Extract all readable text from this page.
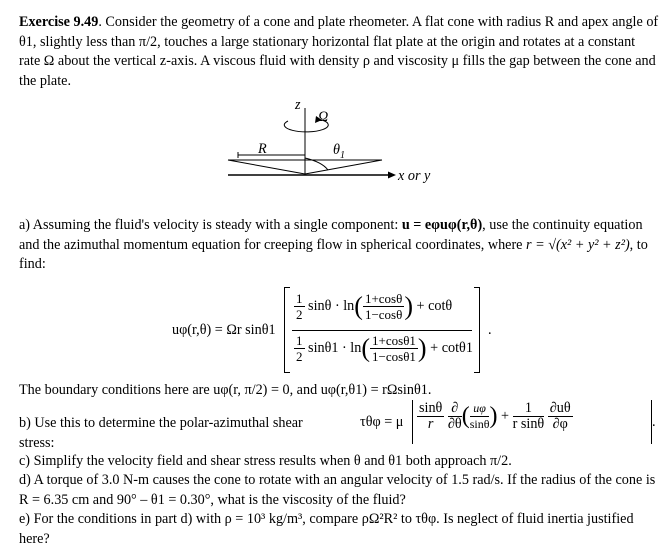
Exercise 9.49. Consider the geometry of a cone and plate rheometer. A flat cone with radius R and apex angle of θ1, slightly less than π/2, touches a large stationary horizontal flat plate at the origin and rotates at a constant rate Ω about the vertical z-axis. A viscous fluid with density ρ and viscosity μ fills the gap between the cone and the plate.
z
Ω
R	$\theta_1$
x or y
a) Assuming the fluid's velocity is steady with a single component: u = eφuφ(r,θ), use the continuity equation and the azimuthal momentum equation for creeping flow in spherical coordinates, where r = √(x² + y² + z²), to find:
uφ(r,θ) = Ωr sinθ1
$\frac{1}{2}$ $\sin\theta \cdot \ln( \frac{1+\cos\theta}{1-\cos\theta}$ ) + cotθ
$\frac{1}{2} \sin\theta 1 \cdot \ln( \frac{1+\cos\theta 1}{1-\cos\theta 1}$ ) + cotθ1
.
The boundary conditions here are uφ(r, π/2) = 0, and uφ(r,θ1) = rΩsinθ1.
b) Use this to determine the polar-azimuthal shear stress:
τθφ = μ $\frac{\sin\theta}{r}$
$\frac{\partial}{\partial\theta}$ ( $\frac{u\varphi}{\sin\theta}$ ) + $\frac{1}{\text{r sinθ}}$
$\frac{\partial u\theta}{\partial\varphi}$	.
c) Simplify the velocity field and shear stress results when θ and θ1 both approach π/2.
d) A torque of 3.0 N-m causes the cone to rotate with an angular velocity of 1.5 rad/s. If the radius of the cone is R = 6.35 cm and 90° – θ1 = 0.30°, what is the viscosity of the fluid?
e) For the conditions in part d) with ρ = 10³ kg/m³, compare ρΩ²R² to τθφ. Is neglect of fluid inertia justified here?
